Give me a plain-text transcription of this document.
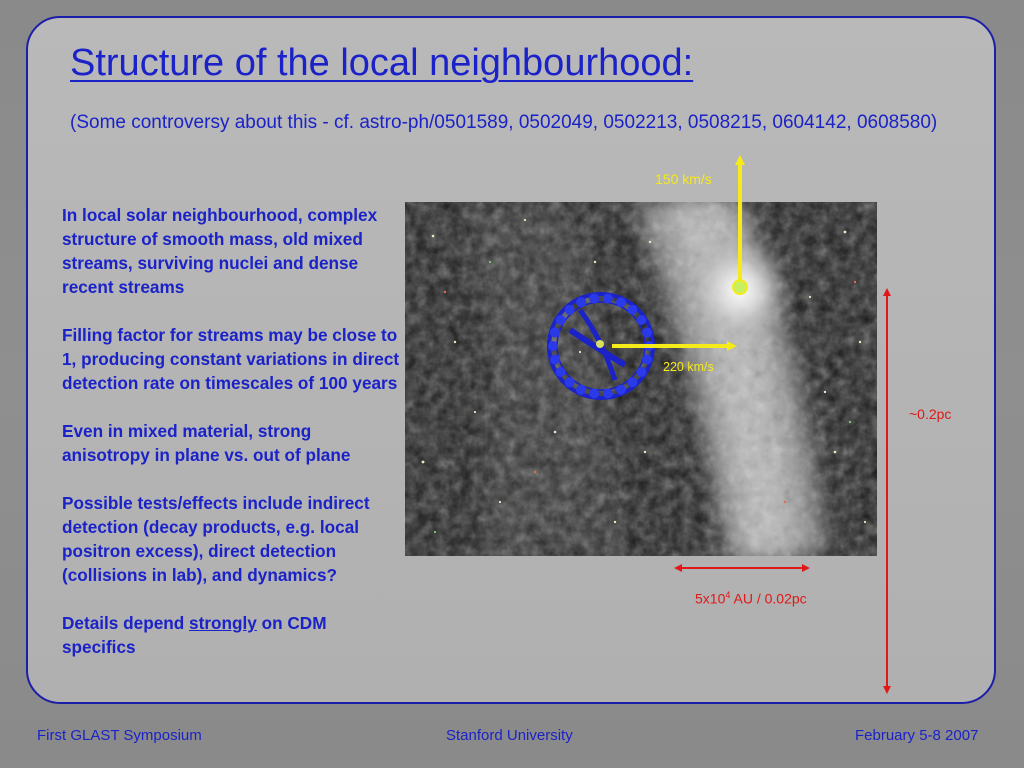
Structure of the local neighbourhood:
(Some controversy about this - cf. astro-ph/0501589, 0502049, 0502213, 0508215, 0604142, 0608580)

In local solar neighbourhood, complex structure of smooth mass, old mixed streams, surviving nuclei and dense recent streams

Filling factor for streams may be close to 1, producing constant variations in direct detection rate on timescales of 100 years

Even in mixed material, strong anisotropy in plane vs. out of plane

Possible tests/effects include indirect detection (decay products, e.g. local positron excess), direct detection (collisions in lab), and dynamics?

Details depend strongly on CDM specifics

150 km/s
220 km/s
~0.2pc
$5x10^4$ AU / 0.02pc
First GLAST Symposium	Stanford University	February 5-8 2007
